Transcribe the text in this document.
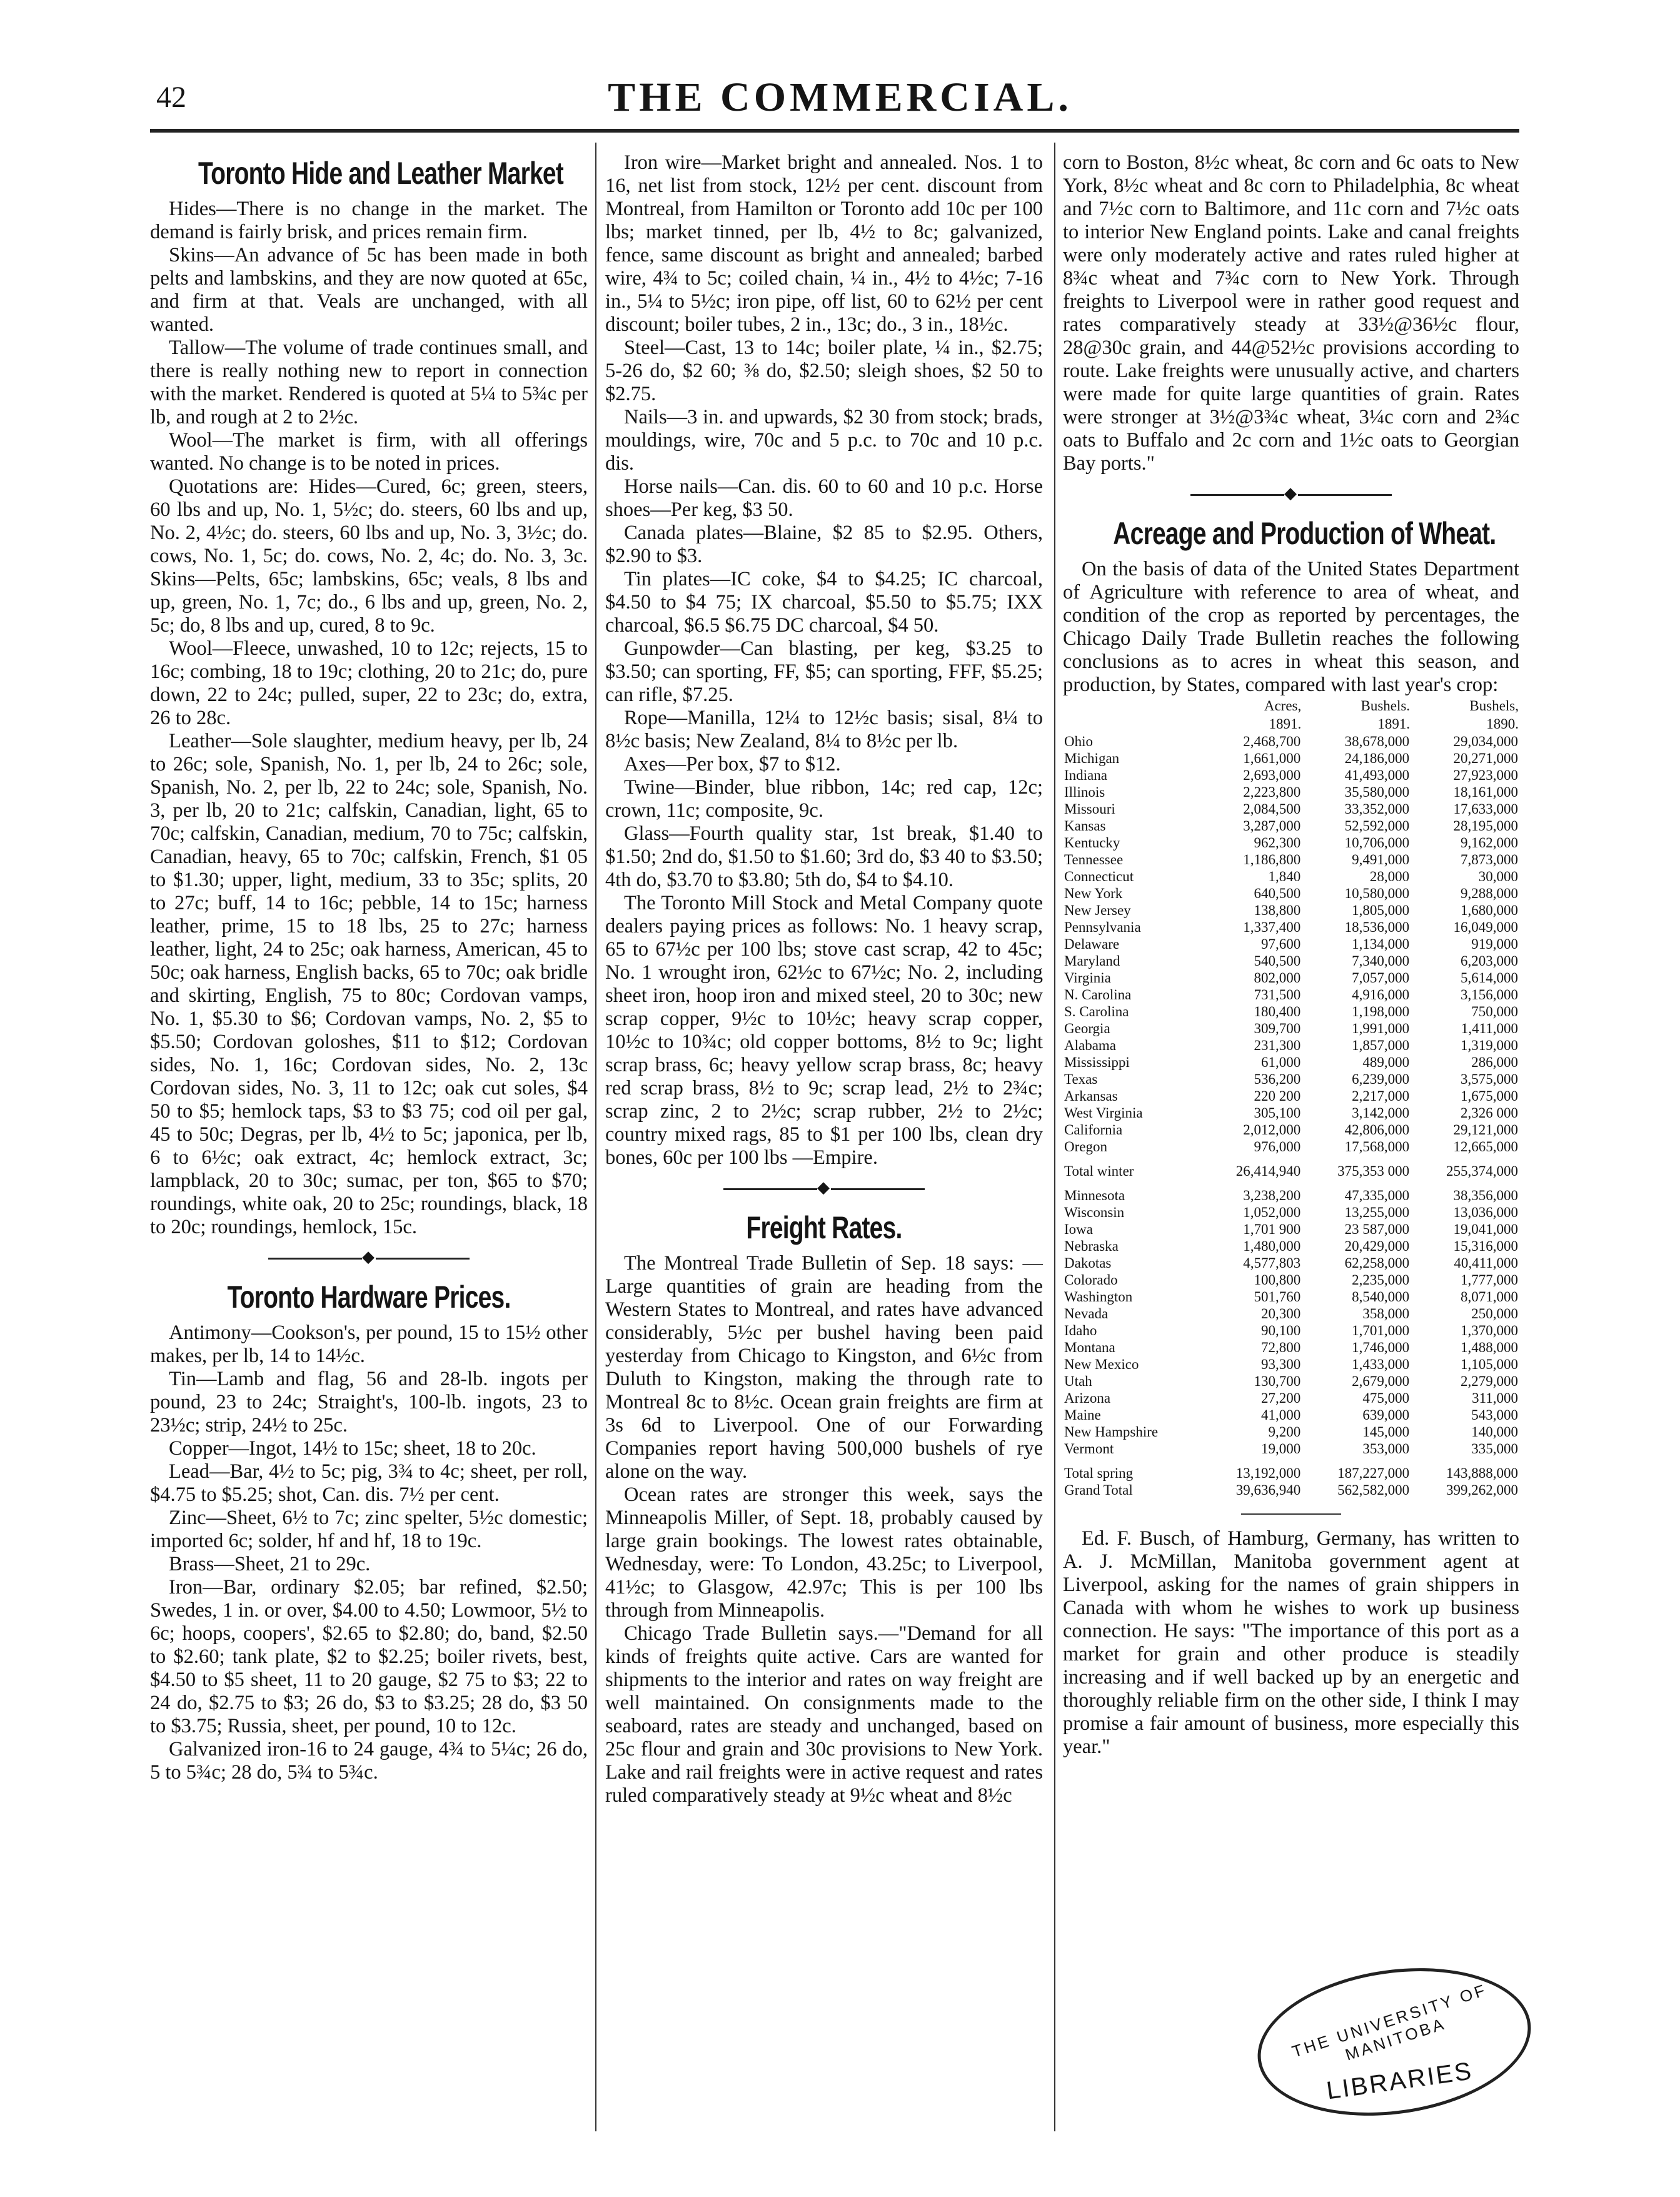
42	THE COMMERCIAL.
Toronto Hide and Leather Market

Hides—There is no change in the market. The demand is fairly brisk, and prices remain firm.

Skins—An advance of 5c has been made in both pelts and lambskins, and they are now quoted at 65c, and firm at that. Veals are unchanged, with all wanted.

Tallow—The volume of trade continues small, and there is really nothing new to report in connection with the market. Rendered is quoted at 5¼ to 5¾c per lb, and rough at 2 to 2½c.

Wool—The market is firm, with all offerings wanted. No change is to be noted in prices.

Quotations are: Hides—Cured, 6c; green, steers, 60 lbs and up, No. 1, 5½c; do. steers, 60 lbs and up, No. 2, 4½c; do. steers, 60 lbs and up, No. 3, 3½c; do. cows, No. 1, 5c; do. cows, No. 2, 4c; do. No. 3, 3c. Skins—Pelts, 65c; lambskins, 65c; veals, 8 lbs and up, green, No. 1, 7c; do., 6 lbs and up, green, No. 2, 5c; do, 8 lbs and up, cured, 8 to 9c.

Wool—Fleece, unwashed, 10 to 12c; rejects, 15 to 16c; combing, 18 to 19c; clothing, 20 to 21c; do, pure down, 22 to 24c; pulled, super, 22 to 23c; do, extra, 26 to 28c.

Leather—Sole slaughter, medium heavy, per lb, 24 to 26c; sole, Spanish, No. 1, per lb, 24 to 26c; sole, Spanish, No. 2, per lb, 22 to 24c; sole, Spanish, No. 3, per lb, 20 to 21c; calfskin, Canadian, light, 65 to 70c; calfskin, Canadian, medium, 70 to 75c; calfskin, Canadian, heavy, 65 to 70c; calfskin, French, $1 05 to $1.30; upper, light, medium, 33 to 35c; splits, 20 to 27c; buff, 14 to 16c; pebble, 14 to 15c; harness leather, prime, 15 to 18 lbs, 25 to 27c; harness leather, light, 24 to 25c; oak harness, American, 45 to 50c; oak harness, English backs, 65 to 70c; oak bridle and skirting, English, 75 to 80c; Cordovan vamps, No. 1, $5.30 to $6; Cordovan vamps, No. 2, $5 to $5.50; Cordovan goloshes, $11 to $12; Cordovan sides, No. 1, 16c; Cordovan sides, No. 2, 13c Cordovan sides, No. 3, 11 to 12c; oak cut soles, $4 50 to $5; hemlock taps, $3 to $3 75; cod oil per gal, 45 to 50c; Degras, per lb, 4½ to 5c; japonica, per lb, 6 to 6½c; oak extract, 4c; hemlock extract, 3c; lampblack, 20 to 30c; sumac, per ton, $65 to $70; roundings, white oak, 20 to 25c; roundings, black, 18 to 20c; roundings, hemlock, 15c.

◆
Toronto Hardware Prices.

Antimony—Cookson's, per pound, 15 to 15½ other makes, per lb, 14 to 14½c.

Tin—Lamb and flag, 56 and 28-lb. ingots per pound, 23 to 24c; Straight's, 100-lb. ingots, 23 to 23½c; strip, 24½ to 25c.

Copper—Ingot, 14½ to 15c; sheet, 18 to 20c.

Lead—Bar, 4½ to 5c; pig, 3¾ to 4c; sheet, per roll, $4.75 to $5.25; shot, Can. dis. 7½ per cent.

Zinc—Sheet, 6½ to 7c; zinc spelter, 5½c domestic; imported 6c; solder, hf and hf, 18 to 19c.

Brass—Sheet, 21 to 29c.

Iron—Bar, ordinary $2.05; bar refined, $2.50; Swedes, 1 in. or over, $4.00 to 4.50; Lowmoor, 5½ to 6c; hoops, coopers', $2.65 to $2.80; do, band, $2.50 to $2.60; tank plate, $2 to $2.25; boiler rivets, best, $4.50 to $5 sheet, 11 to 20 gauge, $2 75 to $3; 22 to 24 do, $2.75 to $3; 26 do, $3 to $3.25; 28 do, $3 50 to $3.75; Russia, sheet, per pound, 10 to 12c.

Galvanized iron-16 to 24 gauge, 4¾ to 5¼c; 26 do, 5 to 5¾c; 28 do, 5¾ to 5¾c.

Iron wire—Market bright and annealed. Nos. 1 to 16, net list from stock, 12½ per cent. discount from Montreal, from Hamilton or Toronto add 10c per 100 lbs; market tinned, per lb, 4½ to 8c; galvanized, fence, same discount as bright and annealed; barbed wire, 4¾ to 5c; coiled chain, ¼ in., 4½ to 4½c; 7-16 in., 5¼ to 5½c; iron pipe, off list, 60 to 62½ per cent discount; boiler tubes, 2 in., 13c; do., 3 in., 18½c.

Steel—Cast, 13 to 14c; boiler plate, ¼ in., $2.75; 5-26 do, $2 60; ⅜ do, $2.50; sleigh shoes, $2 50 to $2.75.

Nails—3 in. and upwards, $2 30 from stock; brads, mouldings, wire, 70c and 5 p.c. to 70c and 10 p.c. dis.

Horse nails—Can. dis. 60 to 60 and 10 p.c. Horse shoes—Per keg, $3 50.

Canada plates—Blaine, $2 85 to $2.95. Others, $2.90 to $3.

Tin plates—IC coke, $4 to $4.25; IC charcoal, $4.50 to $4 75; IX charcoal, $5.50 to $5.75; IXX charcoal, $6.5 $6.75 DC charcoal, $4 50.

Gunpowder—Can blasting, per keg, $3.25 to $3.50; can sporting, FF, $5; can sporting, FFF, $5.25; can rifle, $7.25.

Rope—Manilla, 12¼ to 12½c basis; sisal, 8¼ to 8½c basis; New Zealand, 8¼ to 8½c per lb.

Axes—Per box, $7 to $12.

Twine—Binder, blue ribbon, 14c; red cap, 12c; crown, 11c; composite, 9c.

Glass—Fourth quality star, 1st break, $1.40 to $1.50; 2nd do, $1.50 to $1.60; 3rd do, $3 40 to $3.50; 4th do, $3.70 to $3.80; 5th do, $4 to $4.10.

The Toronto Mill Stock and Metal Company quote dealers paying prices as follows: No. 1 heavy scrap, 65 to 67½c per 100 lbs; stove cast scrap, 42 to 45c; No. 1 wrought iron, 62½c to 67½c; No. 2, including sheet iron, hoop iron and mixed steel, 20 to 30c; new scrap copper, 9½c to 10½c; heavy scrap copper, 10½c to 10¾c; old copper bottoms, 8½ to 9c; light scrap brass, 6c; heavy yellow scrap brass, 8c; heavy red scrap brass, 8½ to 9c; scrap lead, 2½ to 2¾c; scrap zinc, 2 to 2½c; scrap rubber, 2½ to 2½c; country mixed rags, 85 to $1 per 100 lbs, clean dry bones, 60c per 100 lbs —Empire.

◆
Freight Rates.

The Montreal Trade Bulletin of Sep. 18 says: —Large quantities of grain are heading from the Western States to Montreal, and rates have advanced considerably, 5½c per bushel having been paid yesterday from Chicago to Kingston, and 6½c from Duluth to Kingston, making the through rate to Montreal 8c to 8½c. Ocean grain freights are firm at 3s 6d to Liverpool. One of our Forwarding Companies report having 500,000 bushels of rye alone on the way.

Ocean rates are stronger this week, says the Minneapolis Miller, of Sept. 18, probably caused by large grain bookings. The lowest rates obtainable, Wednesday, were: To London, 43.25c; to Liverpool, 41½c; to Glasgow, 42.97c; This is per 100 lbs through from Minneapolis.

Chicago Trade Bulletin says.—"Demand for all kinds of freights quite active. Cars are wanted for shipments to the interior and rates on way freight are well maintained. On consignments made to the seaboard, rates are steady and unchanged, based on 25c flour and grain and 30c provisions to New York. Lake and rail freights were in active request and rates ruled comparatively steady at 9½c wheat and 8½c

corn to Boston, 8½c wheat, 8c corn and 6c oats to New York, 8½c wheat and 8c corn to Philadelphia, 8c wheat and 7½c corn to Baltimore, and 11c corn and 7½c oats to interior New England points. Lake and canal freights were only moderately active and rates ruled higher at 8¾c wheat and 7¾c corn to New York. Through freights to Liverpool were in rather good request and rates comparatively steady at 33½@36½c flour, 28@30c grain, and 44@52½c provisions according to route. Lake freights were unusually active, and charters were made for quite large quantities of grain. Rates were stronger at 3½@3¾c wheat, 3¼c corn and 2¾c oats to Buffalo and 2c corn and 1½c oats to Georgian Bay ports."

◆
Acreage and Production of Wheat.

On the basis of data of the United States Department of Agriculture with reference to area of wheat, and condition of the crop as reported by percentages, the Chicago Daily Trade Bulletin reaches the following conclusions as to acres in wheat this season, and production, by States, compared with last year's crop:

	Acres,	Bushels.	Bushels,
	1891.	1891.	1890.
Ohio	2,468,700	38,678,000	29,034,000
Michigan	1,661,000	24,186,000	20,271,000
Indiana	2,693,000	41,493,000	27,923,000
Illinois	2,223,800	35,580,000	18,161,000
Missouri	2,084,500	33,352,000	17,633,000
Kansas	3,287,000	52,592,000	28,195,000
Kentucky	962,300	10,706,000	9,162,000
Tennessee	1,186,800	9,491,000	7,873,000
Connecticut	1,840	28,000	30,000
New York	640,500	10,580,000	9,288,000
New Jersey	138,800	1,805,000	1,680,000
Pennsylvania	1,337,400	18,536,000	16,049,000
Delaware	97,600	1,134,000	919,000
Maryland	540,500	7,340,000	6,203,000
Virginia	802,000	7,057,000	5,614,000
N. Carolina	731,500	4,916,000	3,156,000
S. Carolina	180,400	1,198,000	750,000
Georgia	309,700	1,991,000	1,411,000
Alabama	231,300	1,857,000	1,319,000
Mississippi	61,000	489,000	286,000
Texas	536,200	6,239,000	3,575,000
Arkansas	220 200	2,217,000	1,675,000
West Virginia	305,100	3,142,000	2,326 000
California	2,012,000	42,806,000	29,121,000
Oregon	976,000	17,568,000	12,665,000
Total winter	26,414,940	375,353 000	255,374,000

Minnesota	3,238,200	47,335,000	38,356,000
Wisconsin	1,052,000	13,255,000	13,036,000
Iowa	1,701 900	23 587,000	19,041,000
Nebraska	1,480,000	20,429,000	15,316,000
Dakotas	4,577,803	62,258,000	40,411,000
Colorado	100,800	2,235,000	1,777,000
Washington	501,760	8,540,000	8,071,000
Nevada	20,300	358,000	250,000
Idaho	90,100	1,701,000	1,370,000
Montana	72,800	1,746,000	1,488,000
New Mexico	93,300	1,433,000	1,105,000
Utah	130,700	2,679,000	2,279,000
Arizona	27,200	475,000	311,000
Maine	41,000	639,000	543,000
New Hampshire	9,200	145,000	140,000
Vermont	19,000	353,000	335,000
Total spring	13,192,000	187,227,000	143,888,000
Grand Total	39,636,940	562,582,000	399,262,000

Ed. F. Busch, of Hamburg, Germany, has written to A. J. McMillan, Manitoba government agent at Liverpool, asking for the names of grain shippers in Canada with whom he wishes to work up business connection. He says: "The importance of this port as a market for grain and other produce is steadily increasing and if well backed up by an energetic and thoroughly reliable firm on the other side, I think I may promise a fair amount of business, more especially this year."

THE UNIVERSITY OF MANITOBA
LIBRARIES
